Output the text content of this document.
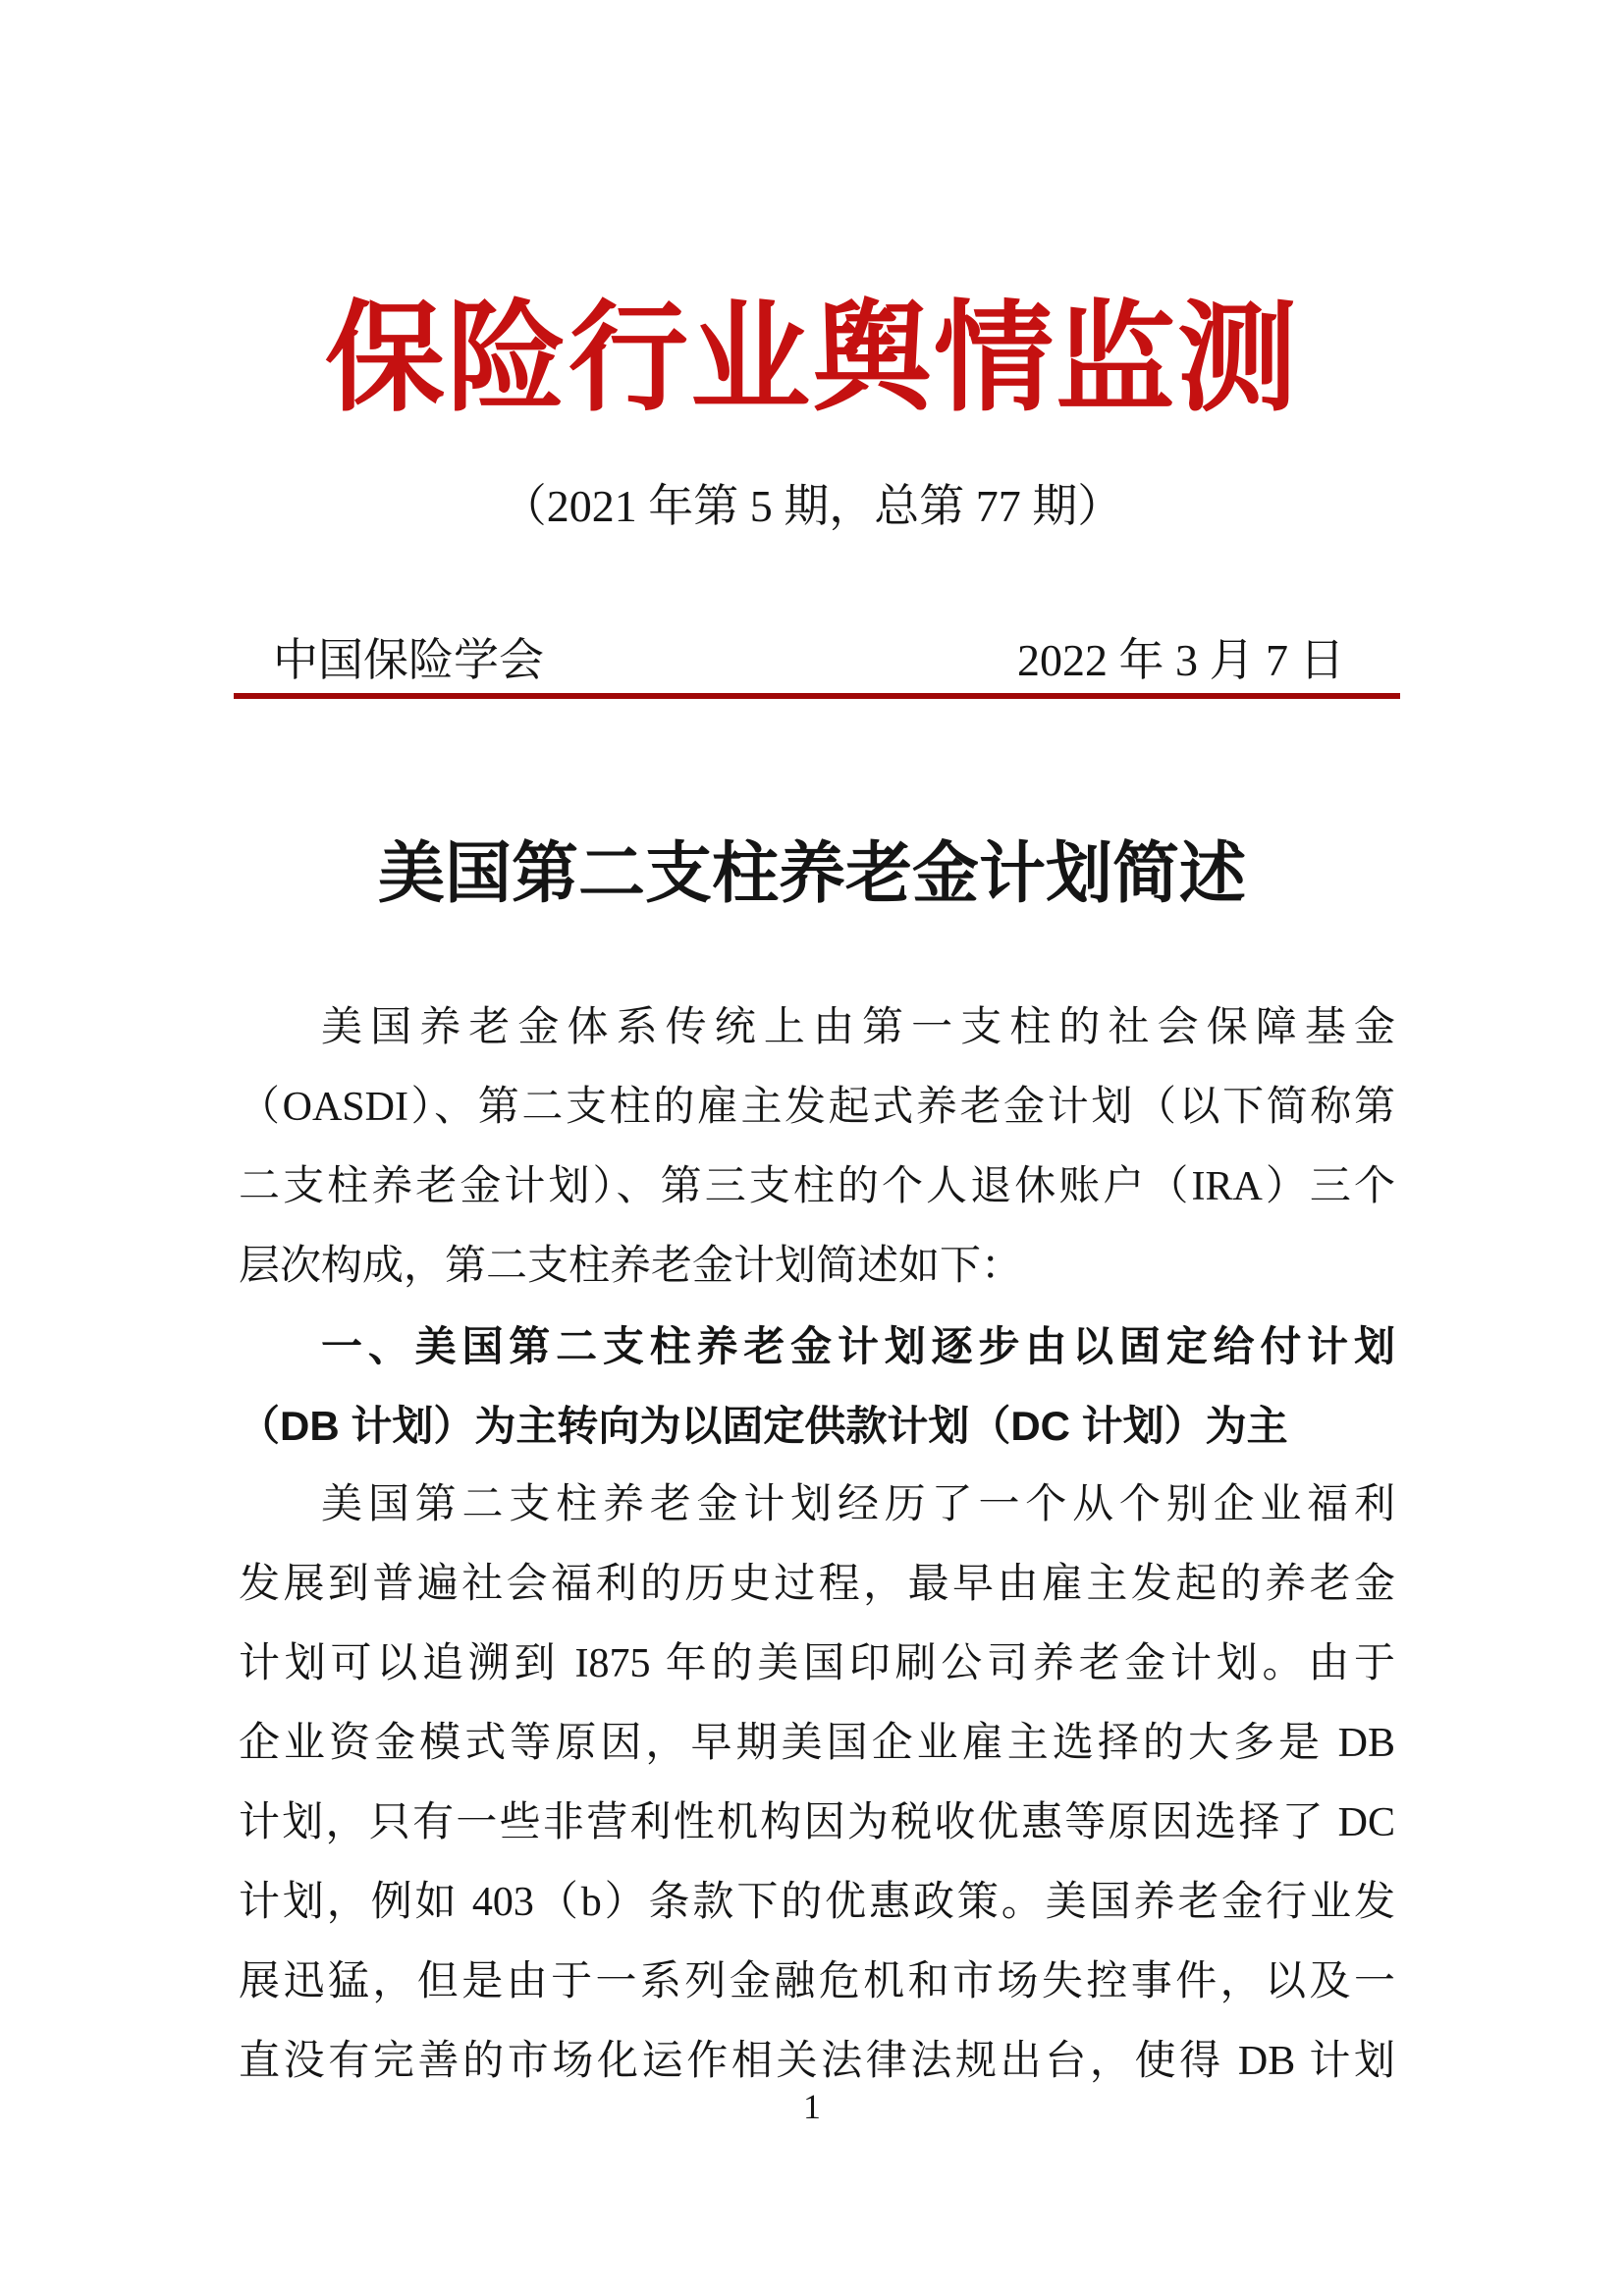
保险行业舆情监测
（2021 年第 5 期，总第 77 期）
中国保险学会	2022 年 3 月 7 日
美国第二支柱养老金计划简述
美国养老金体系传统上由第一支柱的社会保障基金
（OASDI）、第二支柱的雇主发起式养老金计划（以下简称第
二支柱养老金计划）、第三支柱的个人退休账户（IRA）三个
层次构成，第二支柱养老金计划简述如下：
一、美国第二支柱养老金计划逐步由以固定给付计划
（DB 计划）为主转向为以固定供款计划（DC 计划）为主
美国第二支柱养老金计划经历了一个从个别企业福利
发展到普遍社会福利的历史过程，最早由雇主发起的养老金
计划可以追溯到 I875 年的美国印刷公司养老金计划。由于
企业资金模式等原因，早期美国企业雇主选择的大多是 DB
计划，只有一些非营利性机构因为税收优惠等原因选择了 DC
计划，例如 403（b）条款下的优惠政策。美国养老金行业发
展迅猛，但是由于一系列金融危机和市场失控事件，以及一
直没有完善的市场化运作相关法律法规出台，使得 DB 计划
1
